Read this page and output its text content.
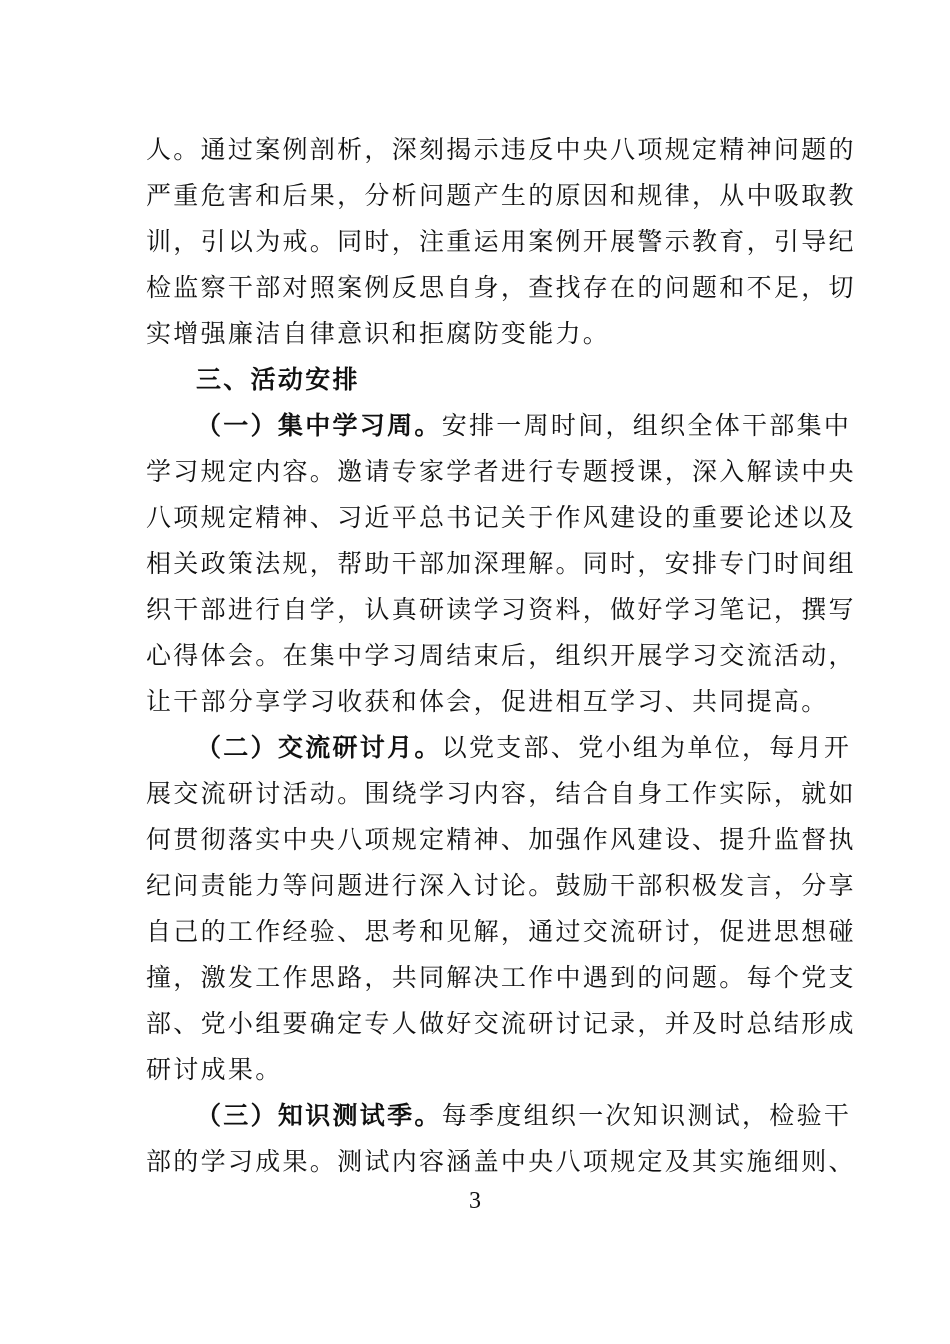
人。通过案例剖析，深刻揭示违反中央八项规定精神问题的
严重危害和后果，分析问题产生的原因和规律，从中吸取教
训，引以为戒。同时，注重运用案例开展警示教育，引导纪
检监察干部对照案例反思自身，查找存在的问题和不足，切
实增强廉洁自律意识和拒腐防变能力。
三、活动安排
（一）集中学习周。安排一周时间，组织全体干部集中
学习规定内容。邀请专家学者进行专题授课，深入解读中央
八项规定精神、习近平总书记关于作风建设的重要论述以及
相关政策法规，帮助干部加深理解。同时，安排专门时间组
织干部进行自学，认真研读学习资料，做好学习笔记，撰写
心得体会。在集中学习周结束后，组织开展学习交流活动，
让干部分享学习收获和体会，促进相互学习、共同提高。
（二）交流研讨月。以党支部、党小组为单位，每月开
展交流研讨活动。围绕学习内容，结合自身工作实际，就如
何贯彻落实中央八项规定精神、加强作风建设、提升监督执
纪问责能力等问题进行深入讨论。鼓励干部积极发言，分享
自己的工作经验、思考和见解，通过交流研讨，促进思想碰
撞，激发工作思路，共同解决工作中遇到的问题。每个党支
部、党小组要确定专人做好交流研讨记录，并及时总结形成
研讨成果。
（三）知识测试季。每季度组织一次知识测试，检验干
部的学习成果。测试内容涵盖中央八项规定及其实施细则、
3
